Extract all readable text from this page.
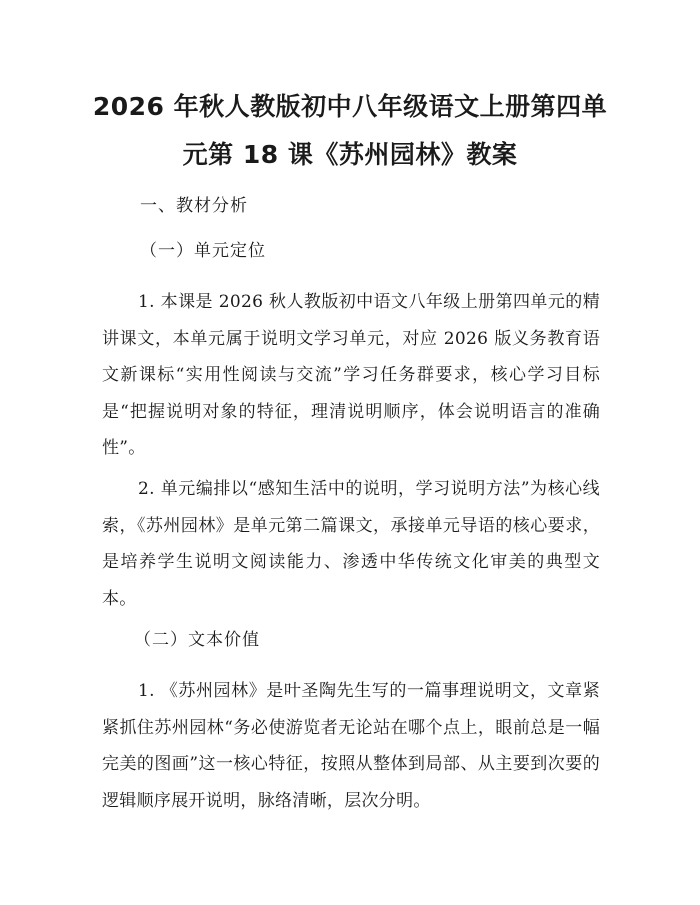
2026 年秋人教版初中八年级语文上册第四单
元第 18 课《苏州园林》教案
一、教材分析
（一）单元定位
1. 本课是 2026 秋人教版初中语文八年级上册第四单元的精讲课文，本单元属于说明文学习单元，对应 2026 版义务教育语文新课标“实用性阅读与交流”学习任务群要求，核心学习目标是“把握说明对象的特征，理清说明顺序，体会说明语言的准确性”。
2. 单元编排以“感知生活中的说明，学习说明方法”为核心线索，《苏州园林》是单元第二篇课文，承接单元导语的核心要求，是培养学生说明文阅读能力、渗透中华传统文化审美的典型文本。
（二）文本价值
1. 《苏州园林》是叶圣陶先生写的一篇事理说明文，文章紧紧抓住苏州园林“务必使游览者无论站在哪个点上，眼前总是一幅完美的图画”这一核心特征，按照从整体到局部、从主要到次要的逻辑顺序展开说明，脉络清晰，层次分明。
